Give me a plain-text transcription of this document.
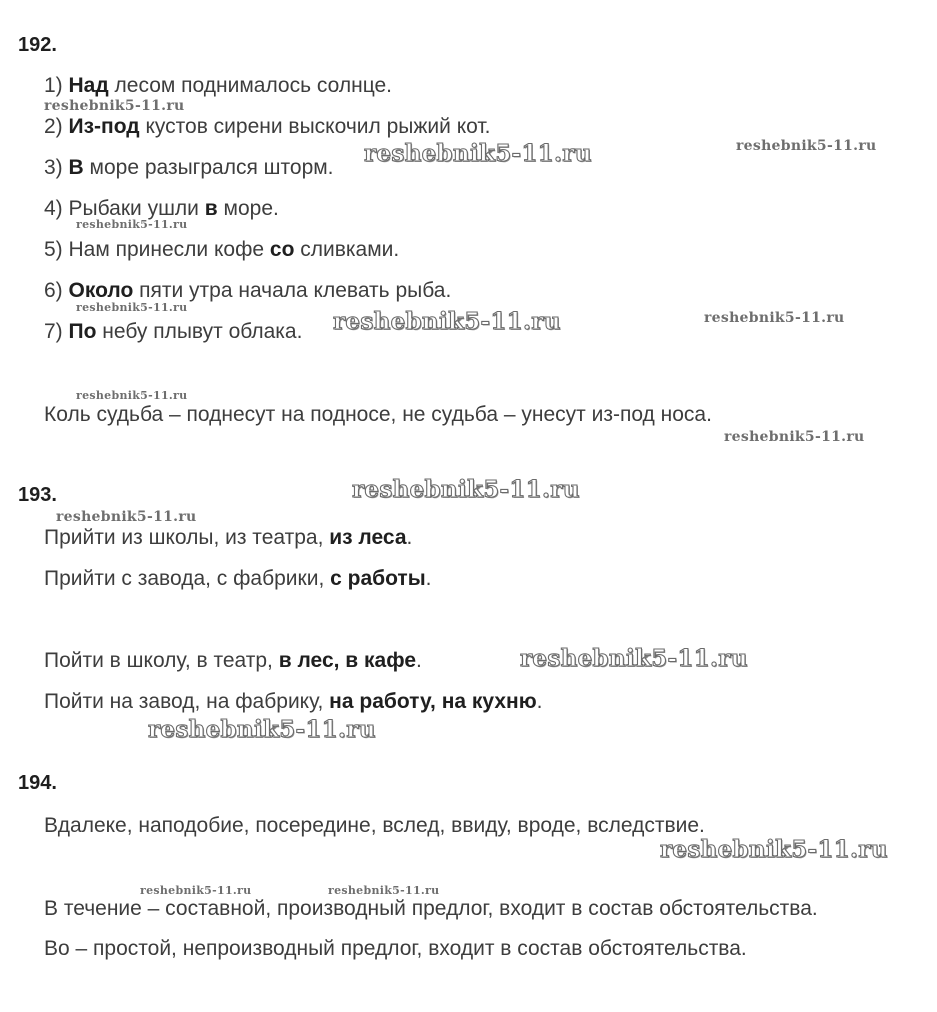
192.
1) Над лесом поднималось солнце.
2) Из-под кустов сирени выскочил рыжий кот.
3) В море разыгрался шторм.
4) Рыбаки ушли в море.
5) Нам принесли кофе со сливками.
6) Около пяти утра начала клевать рыба.
7) По небу плывут облака.
Коль судьба – поднесут на подносе, не судьба – унесут из-под носа.
193.
Прийти из школы, из театра, из леса.
Прийти с завода, с фабрики, с работы.
Пойти в школу, в театр, в лес, в кафе.
Пойти на завод, на фабрику, на работу, на кухню.
194.
Вдалеке, наподобие, посередине, вслед, ввиду, вроде, вследствие.
В течение – составной, производный предлог, входит в состав обстоятельства.
Во – простой, непроизводный предлог, входит в состав обстоятельства.
reshebnik5-11.ru
reshebnik5-11.ru	reshebnik5-11.ru
reshebnik5-11.ru
reshebnik5-11.ru
reshebnik5-11.ru	reshebnik5-11.ru
reshebnik5-11.ru
reshebnik5-11.ru
reshebnik5-11.ru
reshebnik5-11.ru
reshebnik5-11.ru
reshebnik5-11.ru
reshebnik5-11.ru
reshebnik5-11.ru	reshebnik5-11.ru
